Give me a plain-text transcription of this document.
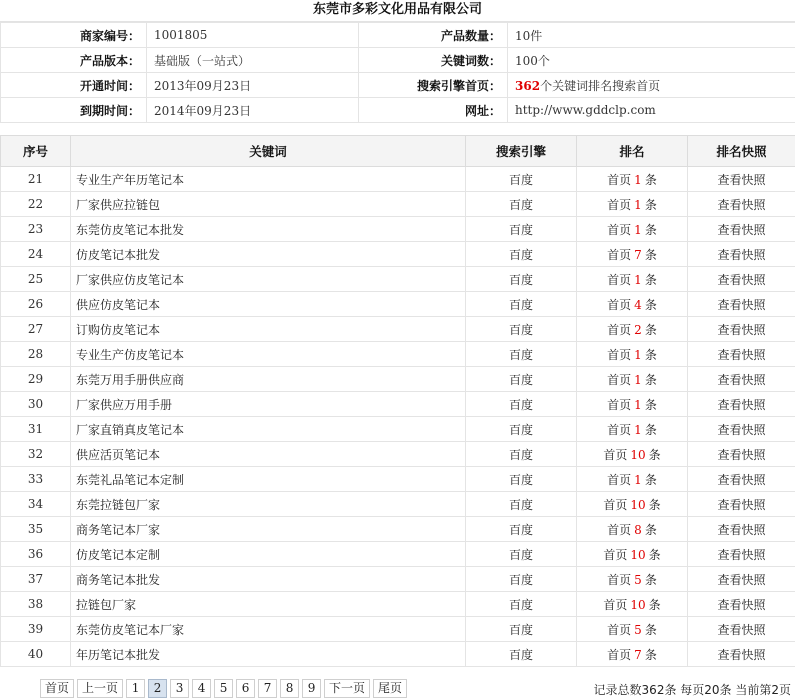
东莞市多彩文化用品有限公司
商家编号：	1001805	产品数量：	10件
产品版本：	基础版（一站式）	关键词数：	100个
开通时间：	2013年09月23日	搜索引擎首页：	362个关键词排名搜索首页
到期时间：	2014年09月23日	网址：	http://www.gddclp.com
序号	关键词	搜索引擎	排名	排名快照
21	专业生产年历笔记本	百度	首页 1 条	查看快照
22	厂家供应拉链包	百度	首页 1 条	查看快照
23	东莞仿皮笔记本批发	百度	首页 1 条	查看快照
24	仿皮笔记本批发	百度	首页 7 条	查看快照
25	厂家供应仿皮笔记本	百度	首页 1 条	查看快照
26	供应仿皮笔记本	百度	首页 4 条	查看快照
27	订购仿皮笔记本	百度	首页 2 条	查看快照
28	专业生产仿皮笔记本	百度	首页 1 条	查看快照
29	东莞万用手册供应商	百度	首页 1 条	查看快照
30	厂家供应万用手册	百度	首页 1 条	查看快照
31	厂家直销真皮笔记本	百度	首页 1 条	查看快照
32	供应活页笔记本	百度	首页 10 条	查看快照
33	东莞礼品笔记本定制	百度	首页 1 条	查看快照
34	东莞拉链包厂家	百度	首页 10 条	查看快照
35	商务笔记本厂家	百度	首页 8 条	查看快照
36	仿皮笔记本定制	百度	首页 10 条	查看快照
37	商务笔记本批发	百度	首页 5 条	查看快照
38	拉链包厂家	百度	首页 10 条	查看快照
39	东莞仿皮笔记本厂家	百度	首页 5 条	查看快照
40	年历笔记本批发	百度	首页 7 条	查看快照
首页	上一页	1	2	3	4	5	6	7	8	9	下一页	尾页	记录总数362条 每页20条 当前第2页
